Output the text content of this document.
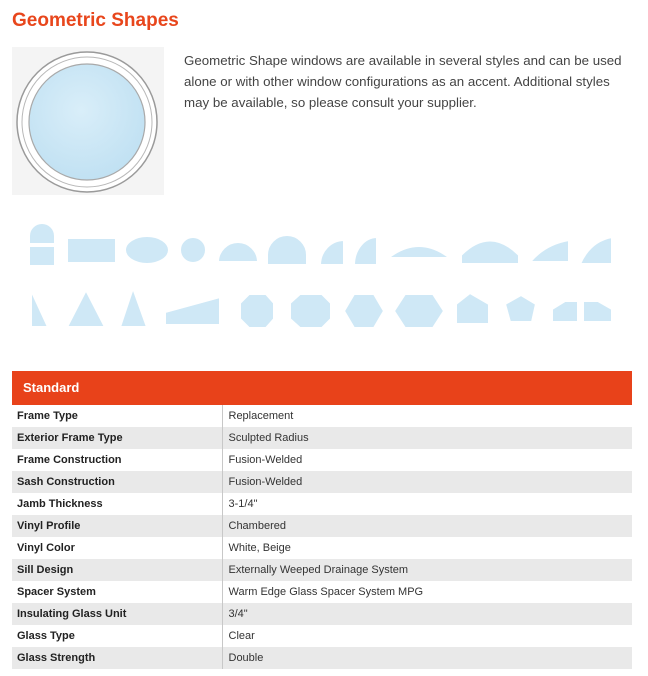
Geometric Shapes
Geometric Shape windows are available in several styles and can be used alone or with other window configurations as an accent. Additional styles may be available, so please consult your supplier.
Standard
Frame Type	Replacement
Exterior Frame Type	Sculpted Radius
Frame Construction	Fusion-Welded
Sash Construction	Fusion-Welded
Jamb Thickness	3-1/4"
Vinyl Profile	Chambered
Vinyl Color	White, Beige
Sill Design	Externally Weeped Drainage System
Spacer System	Warm Edge Glass Spacer System MPG
Insulating Glass Unit	3/4"
Glass Type	Clear
Glass Strength	Double
